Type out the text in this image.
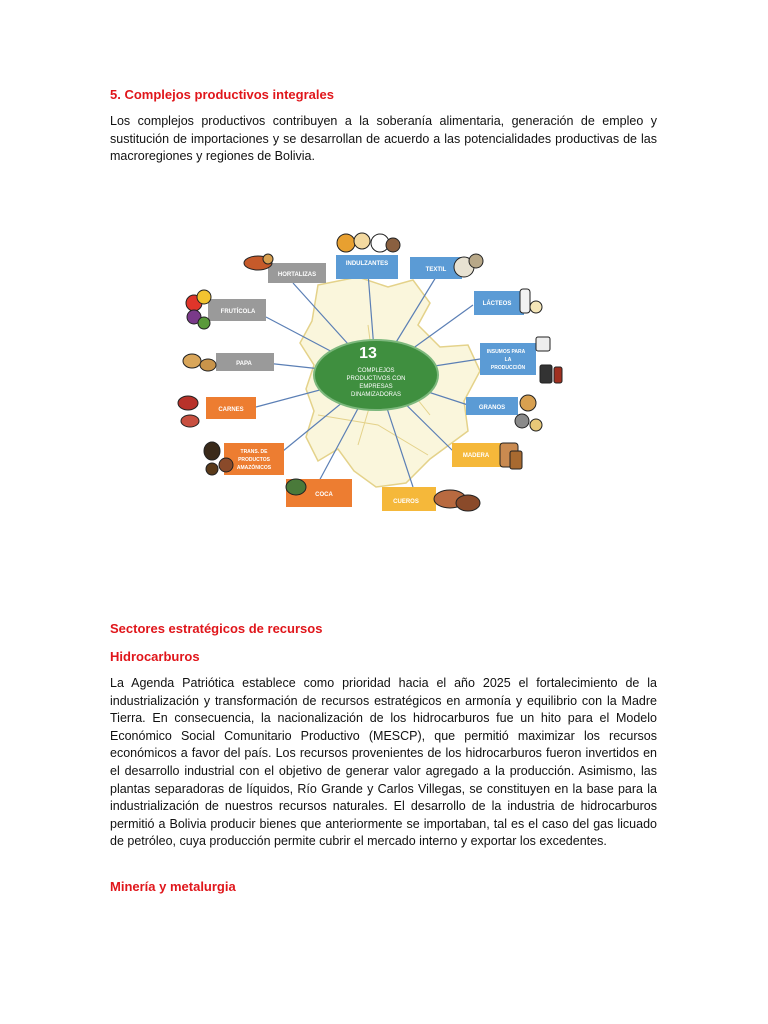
5. Complejos productivos integrales

Los complejos productivos contribuyen a la soberanía alimentaria, generación de empleo y sustitución de importaciones y se desarrollan de acuerdo a las potencialidades productivas de las macroregiones y regiones de Bolivia.

13
COMPLEJOS
PRODUCTIVOS CON
EMPRESAS
DINAMIZADORAS
HORTALIZAS
INDULZANTES
TEXTIL
FRUTÍCOLA
LÁCTEOS
PAPA
INSUMOS PARA
LA
PRODUCCIÓN
CARNES	GRANOS
TRANS. DE
PRODUCTOS
AMAZÓNICOS
MADERA
COCA
CUEROS
Sectores estratégicos de recursos
Hidrocarburos

La Agenda Patriótica establece como prioridad hacia el año 2025 el fortalecimiento de la industrialización y transformación de recursos estratégicos en armonía y equilibrio con la Madre Tierra. En consecuencia, la nacionalización de los hidrocarburos fue un hito para el Modelo Económico Social Comunitario Productivo (MESCP), que permitió maximizar los recursos económicos a favor del país. Los recursos provenientes de los hidrocarburos fueron invertidos en el desarrollo industrial con el objetivo de generar valor agregado a la producción. Asimismo, las plantas separadoras de líquidos, Río Grande y Carlos Villegas, se constituyen en la base para la industrialización de nuestros recursos naturales. El desarrollo de la industria de hidrocarburos permitió a Bolivia producir bienes que anteriormente se importaban, tal es el caso del gas licuado de petróleo, cuya producción permite cubrir el mercado interno y exportar los excedentes.

Minería y metalurgia
